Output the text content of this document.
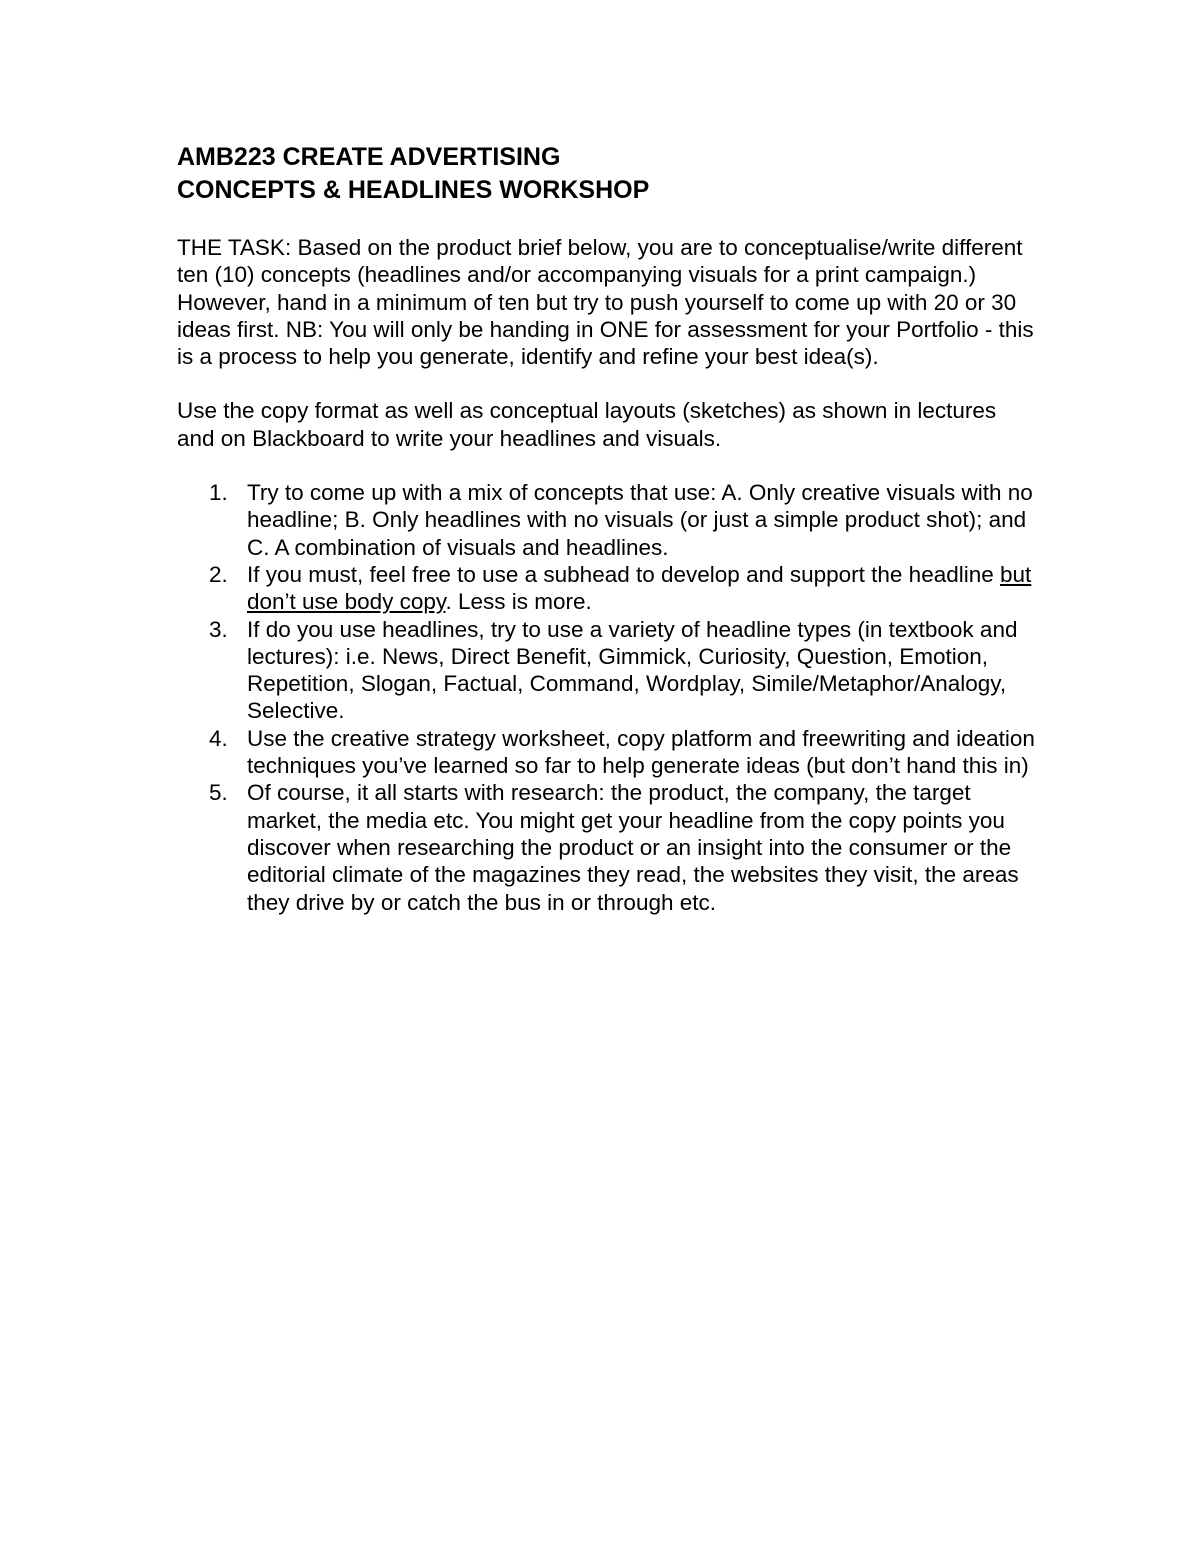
AMB223 CREATE ADVERTISING
CONCEPTS & HEADLINES WORKSHOP

THE TASK: Based on the product brief below, you are to conceptualise/write different ten (10) concepts (headlines and/or accompanying visuals for a print campaign.) However, hand in a minimum of ten but try to push yourself to come up with 20 or 30 ideas first. NB: You will only be handing in ONE for assessment for your Portfolio - this is a process to help you generate, identify and refine your best idea(s).

Use the copy format as well as conceptual layouts (sketches) as shown in lectures and on Blackboard to write your headlines and visuals.

1. Try to come up with a mix of concepts that use: A. Only creative visuals with no headline; B. Only headlines with no visuals (or just a simple product shot); and C. A combination of visuals and headlines.
2. If you must, feel free to use a subhead to develop and support the headline but don’t use body copy. Less is more.
3. If do you use headlines, try to use a variety of headline types (in textbook and lectures): i.e. News, Direct Benefit, Gimmick, Curiosity, Question, Emotion, Repetition, Slogan, Factual, Command, Wordplay, Simile/Metaphor/Analogy, Selective.
4. Use the creative strategy worksheet, copy platform and freewriting and ideation techniques you’ve learned so far to help generate ideas (but don’t hand this in)
5. Of course, it all starts with research: the product, the company, the target market, the media etc. You might get your headline from the copy points you discover when researching the product or an insight into the consumer or the editorial climate of the magazines they read, the websites they visit, the areas they drive by or catch the bus in or through etc.
